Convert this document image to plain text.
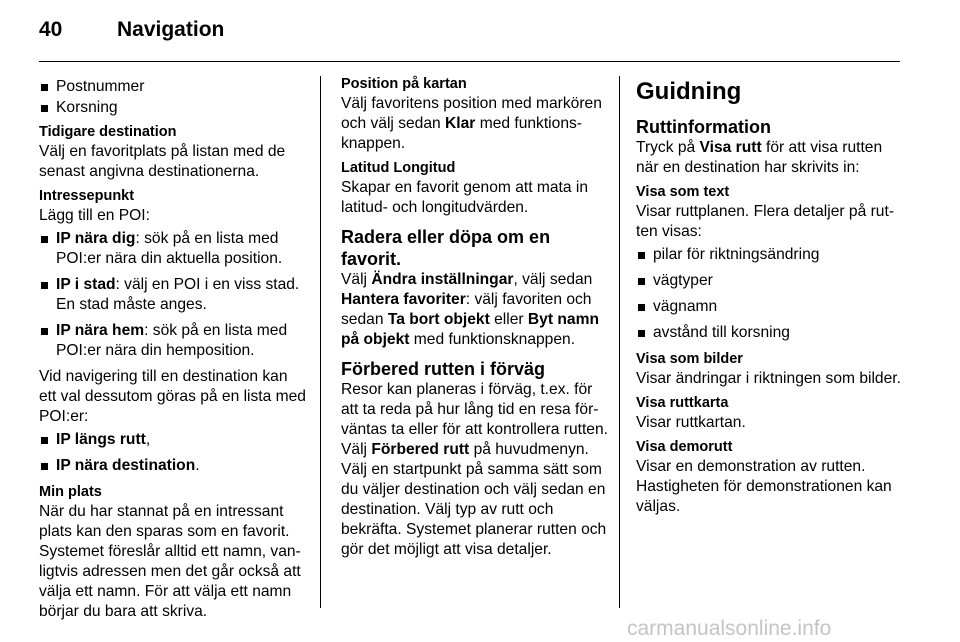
40	Navigation
Postnummer
Korsning

Tidigare destination

Välj en favoritplats på listan med de senast angivna destinationerna.

Intressepunkt

Lägg till en POI:

IP nära dig: sök på en lista med POI:er nära din aktuella position.
IP i stad: välj en POI i en viss stad. En stad måste anges.
IP nära hem: sök på en lista med POI:er nära din hemposition.

Vid navigering till en destination kan ett val dessutom göras på en lista med POI:er:

IP längs rutt,
IP nära destination.

Min plats

När du har stannat på en intressant plats kan den sparas som en favorit. Systemet föreslår alltid ett namn, vanligtvis adressen men det går också att välja ett namn. För att välja ett namn börjar du bara att skriva.

Position på kartan

Välj favoritens position med markören och välj sedan Klar med funktionsknappen.

Latitud Longitud

Skapar en favorit genom att mata in latitud- och longitudvärden.

Radera eller döpa om en favorit.

Välj Ändra inställningar, välj sedan Hantera favoriter: välj favoriten och sedan Ta bort objekt eller Byt namn på objekt med funktionsknappen.

Förbered rutten i förväg

Resor kan planeras i förväg, t.ex. för att ta reda på hur lång tid en resa förväntas ta eller för att kontrollera rutten. Välj Förbered rutt på huvudmenyn. Välj en startpunkt på samma sätt som du väljer destination och välj sedan en destination. Välj typ av rutt och bekräfta. Systemet planerar rutten och gör det möjligt att visa detaljer.

Guidning

Ruttinformation

Tryck på Visa rutt för att visa rutten när en destination har skrivits in:

Visa som text

Visar ruttplanen. Flera detaljer på rutten visas:

pilar för riktningsändring
vägtyper
vägnamn
avstånd till korsning

Visa som bilder

Visar ändringar i riktningen som bilder.

Visa ruttkarta

Visar ruttkartan.

Visa demorutt

Visar en demonstration av rutten. Hastigheten för demonstrationen kan väljas.

carmanualsonline.info
